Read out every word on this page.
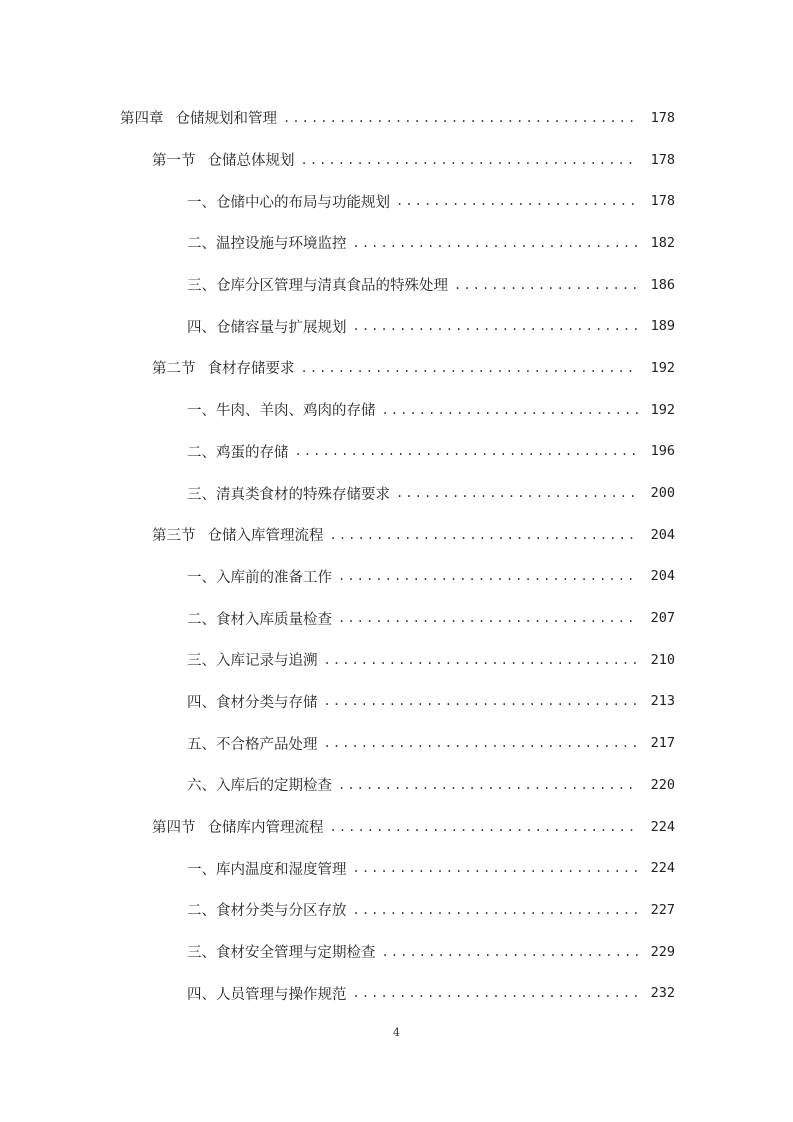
第四章 仓储规划和管理 .....	178
第一节 仓储总体规划 .....	178
一、 仓储中心的布局与功能规划 .....	178
二、 温控设施与环境监控 .....	182
三、 仓库分区管理与清真食品的特殊处理 .....	186
四、 仓储容量与扩展规划 .....	189
第二节 食材存储要求 .....	192
一、 牛肉、羊肉、鸡肉的存储 .....	192
二、 鸡蛋的存储 .....	196
三、 清真类食材的特殊存储要求 .....	200
第三节 仓储入库管理流程 .....	204
一、 入库前的准备工作 .....	204
二、 食材入库质量检查 .....	207
三、 入库记录与追溯 .....	210
四、 食材分类与存储 .....	213
五、 不合格产品处理 .....	217
六、 入库后的定期检查 .....	220
第四节 仓储库内管理流程 .....	224
一、 库内温度和湿度管理 .....	224
二、 食材分类与分区存放 .....	227
三、 食材安全管理与定期检查 .....	229
四、 人员管理与操作规范 .....	232
4
